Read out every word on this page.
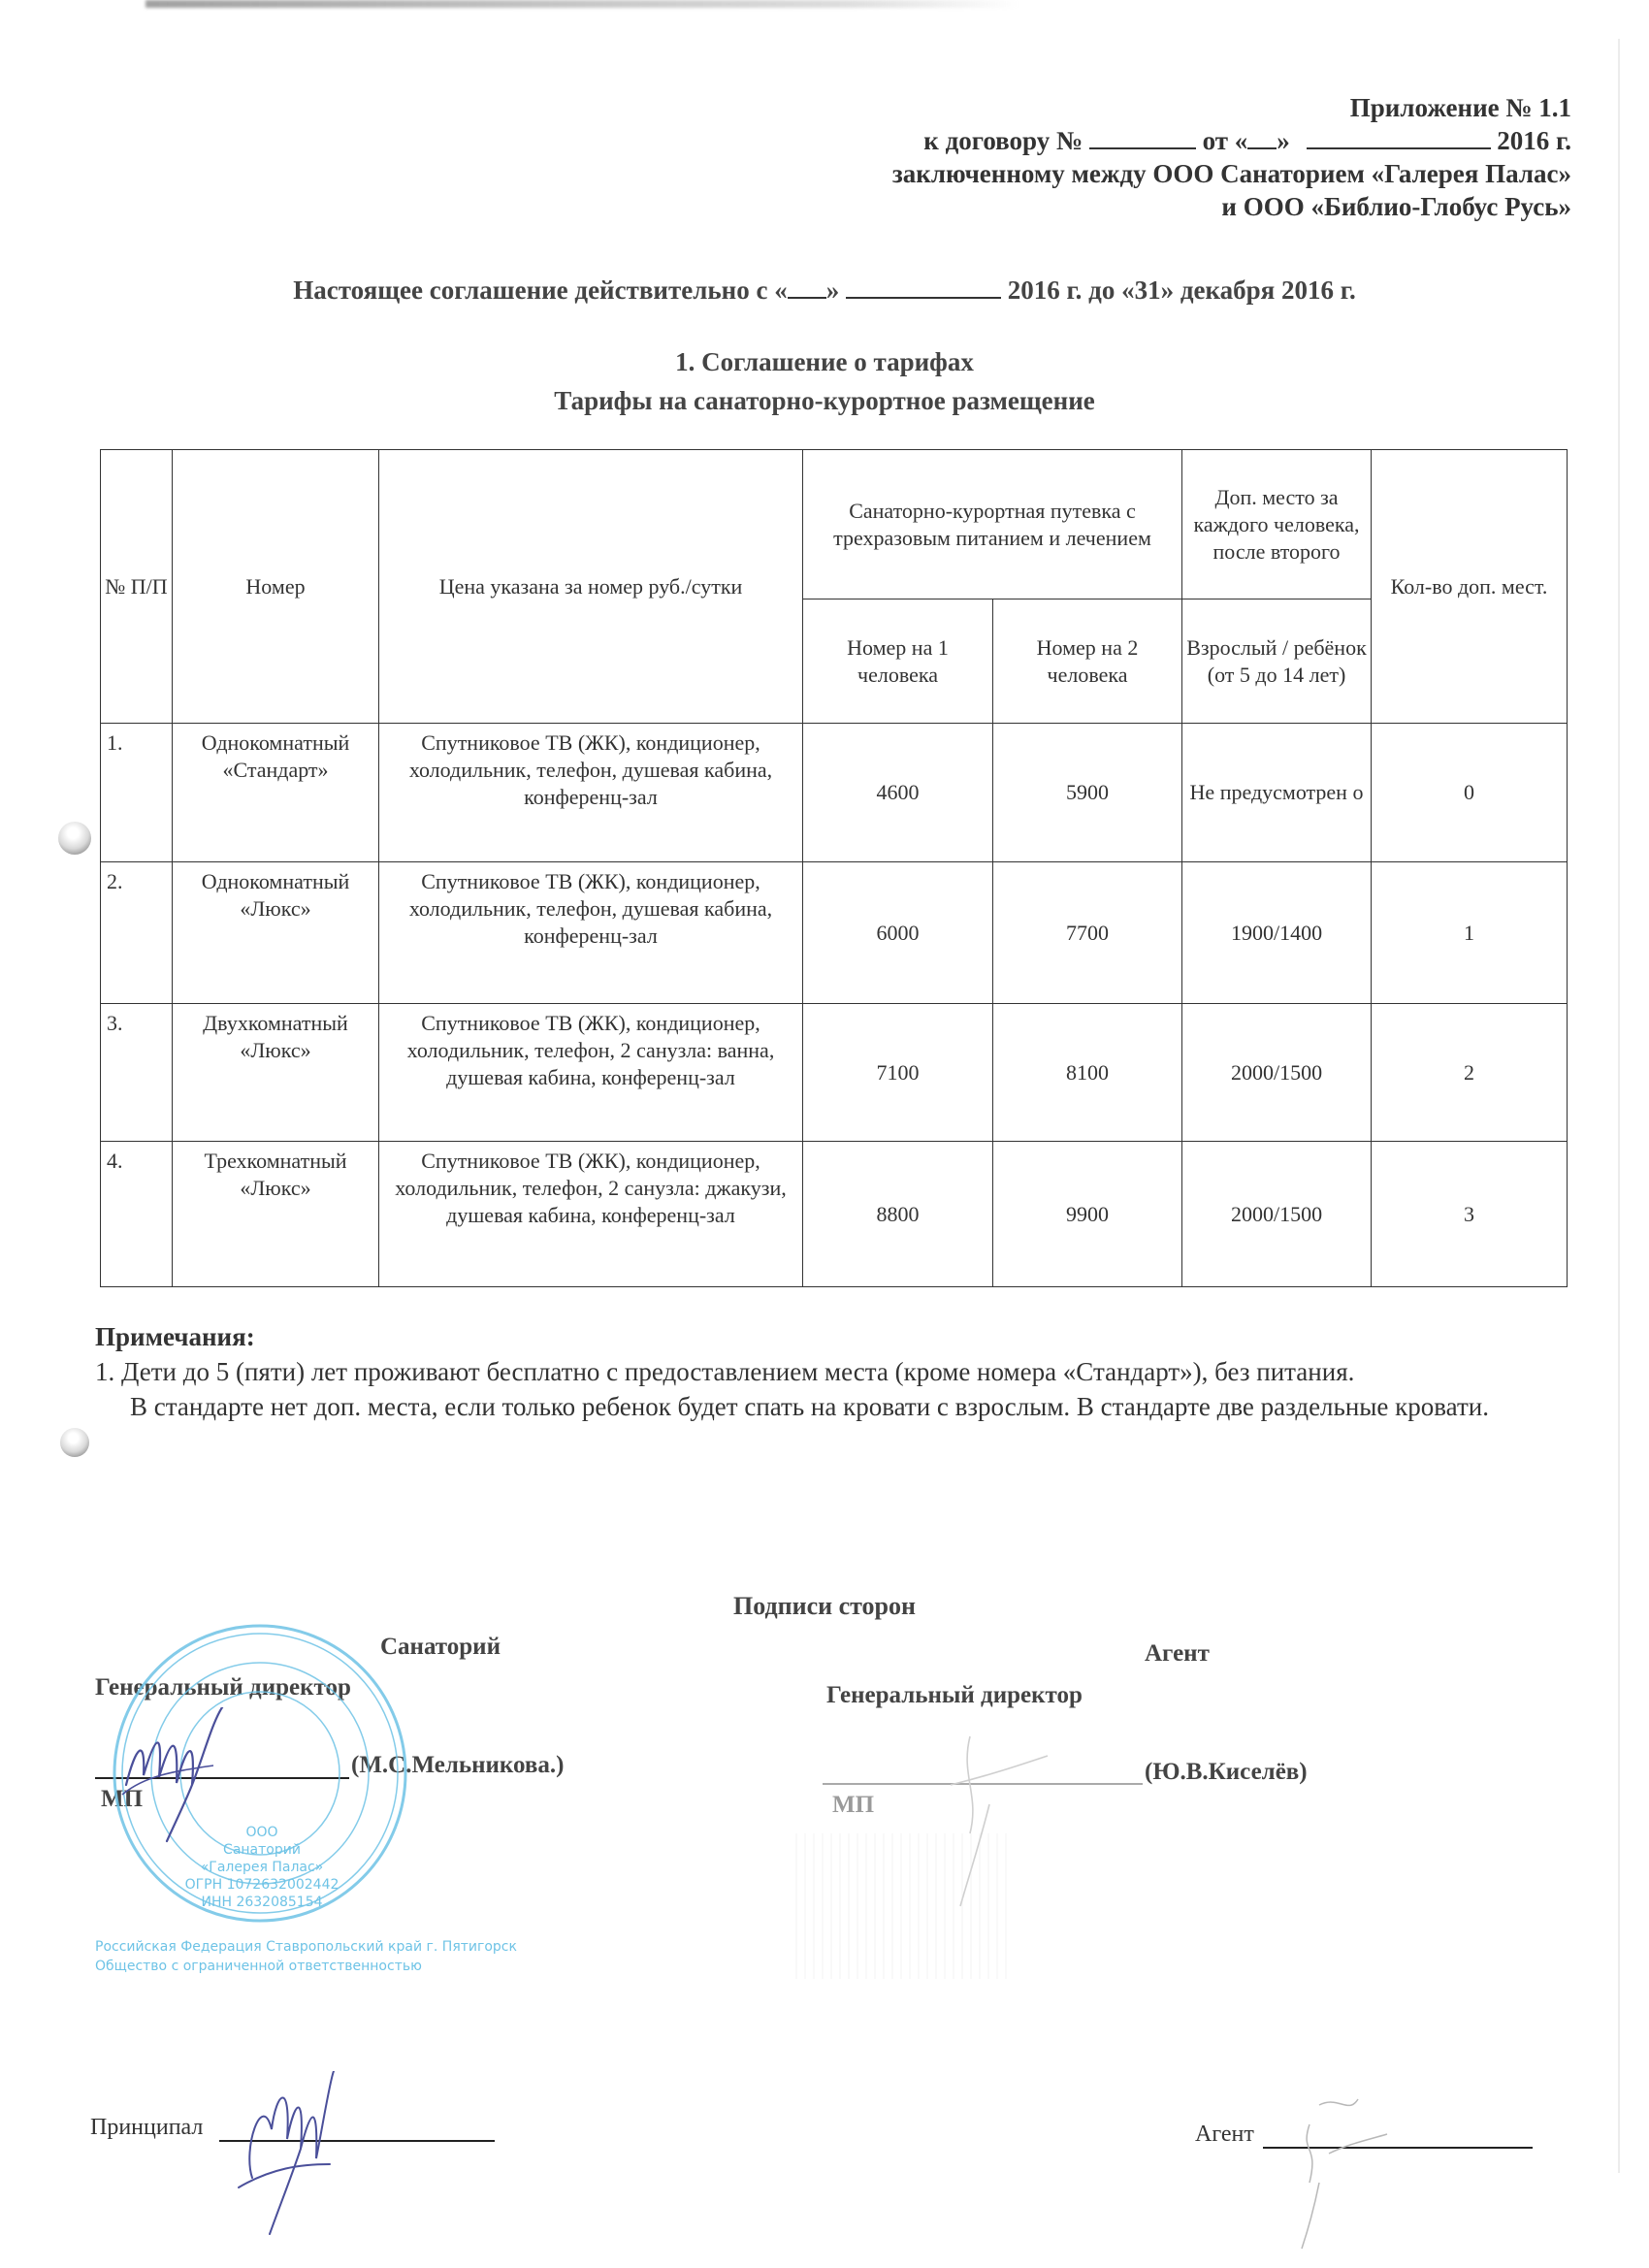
Приложение № 1.1
к договору №	от « »	2016 г.
заключенному между ООО Санаторием «Галерея Палас»
и ООО «Библио-Глобус Русь»
Настоящее соглашение действительно с « »	2016 г. до «31» декабря 2016 г.
1. Соглашение о тарифах
Тарифы на санаторно-курортное размещение
№ П/П	Номер	Цена указана за номер руб./сутки	Санаторно-курортная путевка с трехразовым питанием и лечением		Доп. место за каждого человека, после второго	Кол-во доп. мест.
			Номер на 1 человека	Номер на 2 человека	Взрослый / ребёнок (от 5 до 14 лет)	
1.	Однокомнатный «Стандарт»	Спутниковое ТВ (ЖК), кондиционер, холодильник, телефон, душевая кабина, конференц-зал	4600	5900	Не предусмотрен о	0
2.	Однокомнатный «Люкс»	Спутниковое ТВ (ЖК), кондиционер, холодильник, телефон, душевая кабина, конференц-зал	6000	7700	1900/1400	1
3.	Двухкомнатный «Люкс»	Спутниковое ТВ (ЖК), кондиционер, холодильник, телефон, 2 санузла: ванна, душевая кабина, конференц-зал	7100	8100	2000/1500	2
4.	Трехкомнатный «Люкс»	Спутниковое ТВ (ЖК), кондиционер, холодильник, телефон, 2 санузла: джакузи, душевая кабина, конференц-зал	8800	9900	2000/1500	3
Примечания:
1. Дети до 5 (пяти) лет проживают бесплатно с предоставлением места (кроме номера «Стандарт»), без питания.
В стандарте нет доп. места, если только ребенок будет спать на кровати с взрослым. В стандарте две раздельные кровати.
Подписи сторон
Санаторий	Агент
Генеральный директор	Генеральный директор
(М.С.Мельникова.)
МП
(Ю.В.Киселёв)
МП
ООО
Санаторий
«Галерея Палас»
ОГРН 1072632002442
ИНН 2632085154
Российская Федерация Ставропольский край г. Пятигорск
Общество с ограниченной ответственностью
Принципал	Агент
